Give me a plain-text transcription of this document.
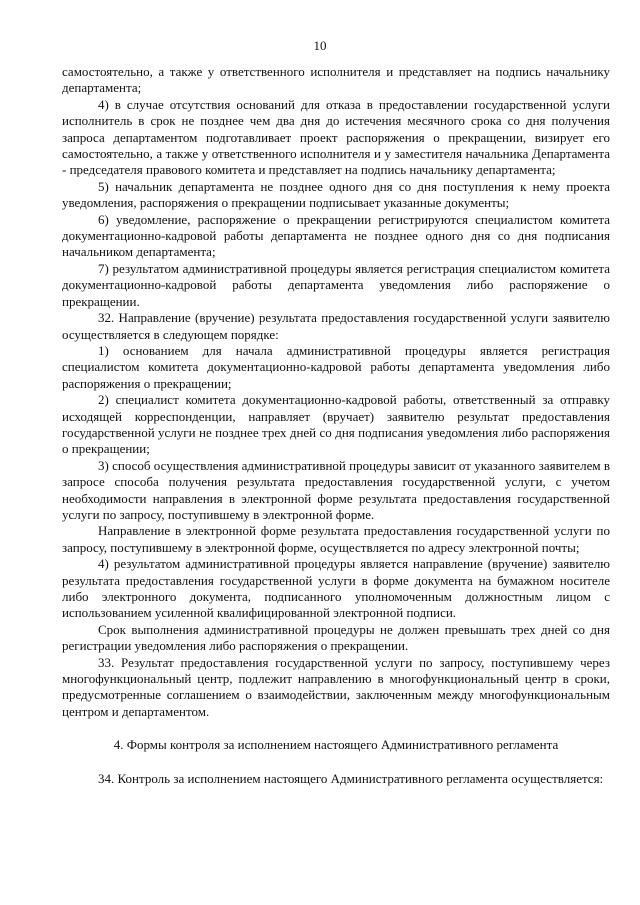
10

самостоятельно, а также у ответственного исполнителя и представляет на подпись начальнику департамента;

4) в случае отсутствия оснований для отказа в предоставлении государственной услуги исполнитель в срок не позднее чем два дня до истечения месячного срока со дня получения запроса департаментом подготавливает проект распоряжения о прекращении, визирует его самостоятельно, а также у ответственного исполнителя и у заместителя начальника Департамента - председателя правового комитета и представляет на подпись начальнику департамента;

5) начальник департамента не позднее одного дня со дня поступления к нему проекта уведомления, распоряжения о прекращении подписывает указанные документы;

6) уведомление, распоряжение о прекращении регистрируются специалистом комитета документационно-кадровой работы департамента не позднее одного дня со дня подписания начальником департамента;

7) результатом административной процедуры является регистрация специалистом комитета документационно-кадровой работы департамента уведомления либо распоряжение о прекращении.

32. Направление (вручение) результата предоставления государственной услуги заявителю осуществляется в следующем порядке:

1) основанием для начала административной процедуры является регистрация специалистом комитета документационно-кадровой работы департамента уведомления либо распоряжения о прекращении;

2) специалист комитета документационно-кадровой работы, ответственный за отправку исходящей корреспонденции, направляет (вручает) заявителю результат предоставления государственной услуги не позднее трех дней со дня подписания уведомления либо распоряжения о прекращении;

3) способ осуществления административной процедуры зависит от указанного заявителем в запросе способа получения результата предоставления государственной услуги, с учетом необходимости направления в электронной форме результата предоставления государственной услуги по запросу, поступившему в электронной форме.

Направление в электронной форме результата предоставления государственной услуги по запросу, поступившему в электронной форме, осуществляется по адресу электронной почты;

4) результатом административной процедуры является направление (вручение) заявителю результата предоставления государственной услуги в форме документа на бумажном носителе либо электронного документа, подписанного уполномоченным должностным лицом с использованием усиленной квалифицированной электронной подписи.

Срок выполнения административной процедуры не должен превышать трех дней со дня регистрации уведомления либо распоряжения о прекращении.

33. Результат предоставления государственной услуги по запросу, поступившему через многофункциональный центр, подлежит направлению в многофункциональный центр в сроки, предусмотренные соглашением о взаимодействии, заключенным между многофункциональным центром и департаментом.

4. Формы контроля за исполнением настоящего Административного регламента

34. Контроль за исполнением настоящего Административного регламента осуществляется:
